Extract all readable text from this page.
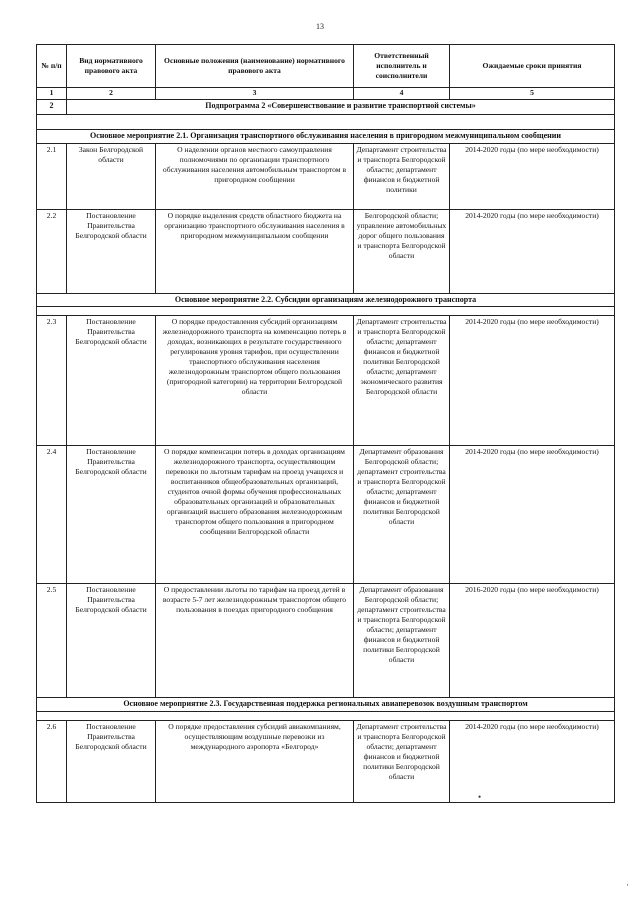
13
№ п/п	Вид нормативного правового акта	Основные положения (наименование) нормативного правового акта	Ответственный исполнитель и соисполнители	Ожидаемые сроки принятия
1	2	3	4	5
2	Подпрограмма 2 «Совершенствование и развитие транспортной системы»			

Основное мероприятие 2.1. Организация транспортного обслуживания населения в пригородном межмуниципальном сообщении				
2.1	Закон Белгородской области	О наделении органов местного самоуправления полномочиями по организации транспортного обслуживания населения автомобильным транспортом в пригородном сообщении	Департамент строительства и транспорта Белгородской области; департамент финансов и бюджетной политики	2014-2020 годы (по мере необходимости)
2.2	Постановление Правительства Белгородской области	О порядке выделения средств областного бюджета на организацию транспортного обслуживания населения в пригородном межмуниципальном сообщении	Белгородской области; управление автомобильных дорог общего пользования и транспорта Белгородской области	2014-2020 годы (по мере необходимости)
Основное мероприятие 2.2. Субсидии организациям железнодорожного транспорта				

2.3	Постановление Правительства Белгородской области	О порядке предоставления субсидий организациям железнодорожного транспорта на компенсацию потерь в доходах, возникающих в результате государственного регулирования уровня тарифов, при осуществлении транспортного обслуживания населения железнодорожным транспортом общего пользования (пригородной категории) на территории Белгородской области	Департамент строительства и транспорта Белгородской области; департамент финансов и бюджетной политики Белгородской области; департамент экономического развития Белгородской области	2014-2020 годы (по мере необходимости)
2.4	Постановление Правительства Белгородской области	О порядке компенсации потерь в доходах организациям железнодорожного транспорта, осуществляющим перевозки по льготным тарифам на проезд учащихся и воспитанников общеобразовательных организаций, студентов очной формы обучения профессиональных образовательных организаций и образовательных организаций высшего образования железнодорожным транспортом общего пользования в пригородном сообщении Белгородской области	Департамент образования Белгородской области; департамент строительства и транспорта Белгородской области; департамент финансов и бюджетной политики Белгородской области	2014-2020 годы (по мере необходимости)
2.5	Постановление Правительства Белгородской области	О предоставлении льготы по тарифам на проезд детей в возрасте 5-7 лет железнодорожным транспортом общего пользования в поездах пригородного сообщения	Департамент образования Белгородской области; департамент строительства и транспорта Белгородской области; департамент финансов и бюджетной политики Белгородской области	2016-2020 годы (по мере необходимости)
Основное мероприятие 2.3. Государственная поддержка региональных авиаперевозок воздушным транспортом				

2.6	Постановление Правительства Белгородской области	О порядке предоставления субсидий авиакомпаниям, осуществляющим воздушные перевозки из международного аэропорта «Белгород»	Департамент строительства и транспорта Белгородской области; департамент финансов и бюджетной политики Белгородской области	2014-2020 годы (по мере необходимости)
•
·
